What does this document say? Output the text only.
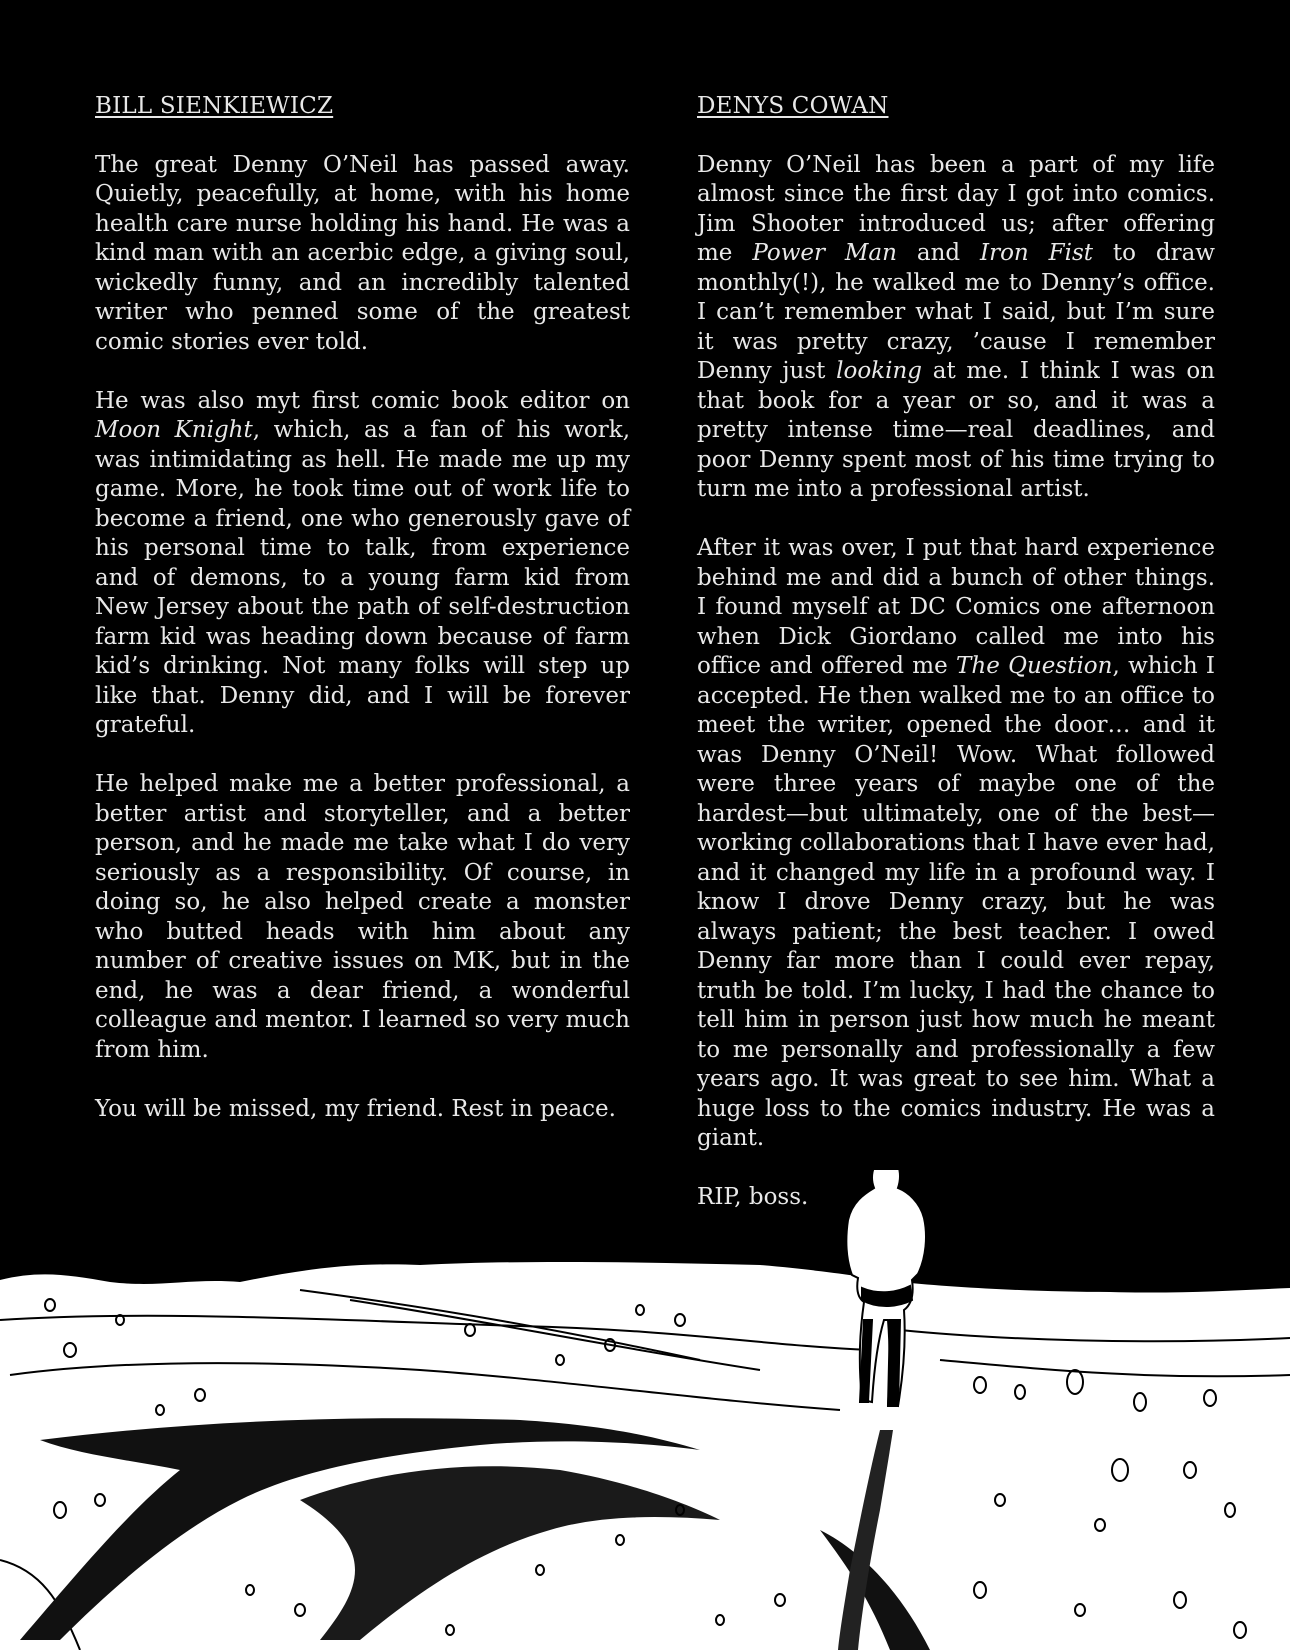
BILL SIENKIEWICZ

The great Denny O’Neil has passed away. Quietly, peacefully, at home, with his home health care nurse holding his hand. He was a kind man with an acerbic edge, a giving soul, wickedly funny, and an incredibly talented writer who penned some of the greatest comic stories ever told.

He was also myt first comic book editor on Moon Knight, which, as a fan of his work, was intimidating as hell. He made me up my game. More, he took time out of work life to become a friend, one who generously gave of his personal time to talk, from experience and of demons, to a young farm kid from New Jersey about the path of self-destruction farm kid was heading down because of farm kid’s drinking. Not many folks will step up like that. Denny did, and I will be forever grateful.

He helped make me a better professional, a better artist and storyteller, and a better person, and he made me take what I do very seriously as a responsibility. Of course, in doing so, he also helped create a monster who butted heads with him about any number of creative issues on MK, but in the end, he was a dear friend, a wonderful colleague and mentor. I learned so very much from him.

You will be missed, my friend. Rest in peace.

DENYS COWAN

Denny O’Neil has been a part of my life almost since the first day I got into comics. Jim Shooter introduced us; after offering me Power Man and Iron Fist to draw monthly(!), he walked me to Denny’s office. I can’t remember what I said, but I’m sure it was pretty crazy, ’cause I remember Denny just looking at me. I think I was on that book for a year or so, and it was a pretty intense time—real deadlines, and poor Denny spent most of his time trying to turn me into a professional artist.

After it was over, I put that hard experience behind me and did a bunch of other things. I found myself at DC Comics one afternoon when Dick Giordano called me into his office and offered me The Question, which I accepted. He then walked me to an office to meet the writer, opened the door… and it was Denny O’Neil! Wow. What followed were three years of maybe one of the hardest—but ultimately, one of the best—working collaborations that I have ever had, and it changed my life in a profound way. I know I drove Denny crazy, but he was always patient; the best teacher. I owed Denny far more than I could ever repay, truth be told. I’m lucky, I had the chance to tell him in person just how much he meant to me personally and professionally a few years ago. It was great to see him. What a huge loss to the comics industry. He was a giant.

RIP, boss.
